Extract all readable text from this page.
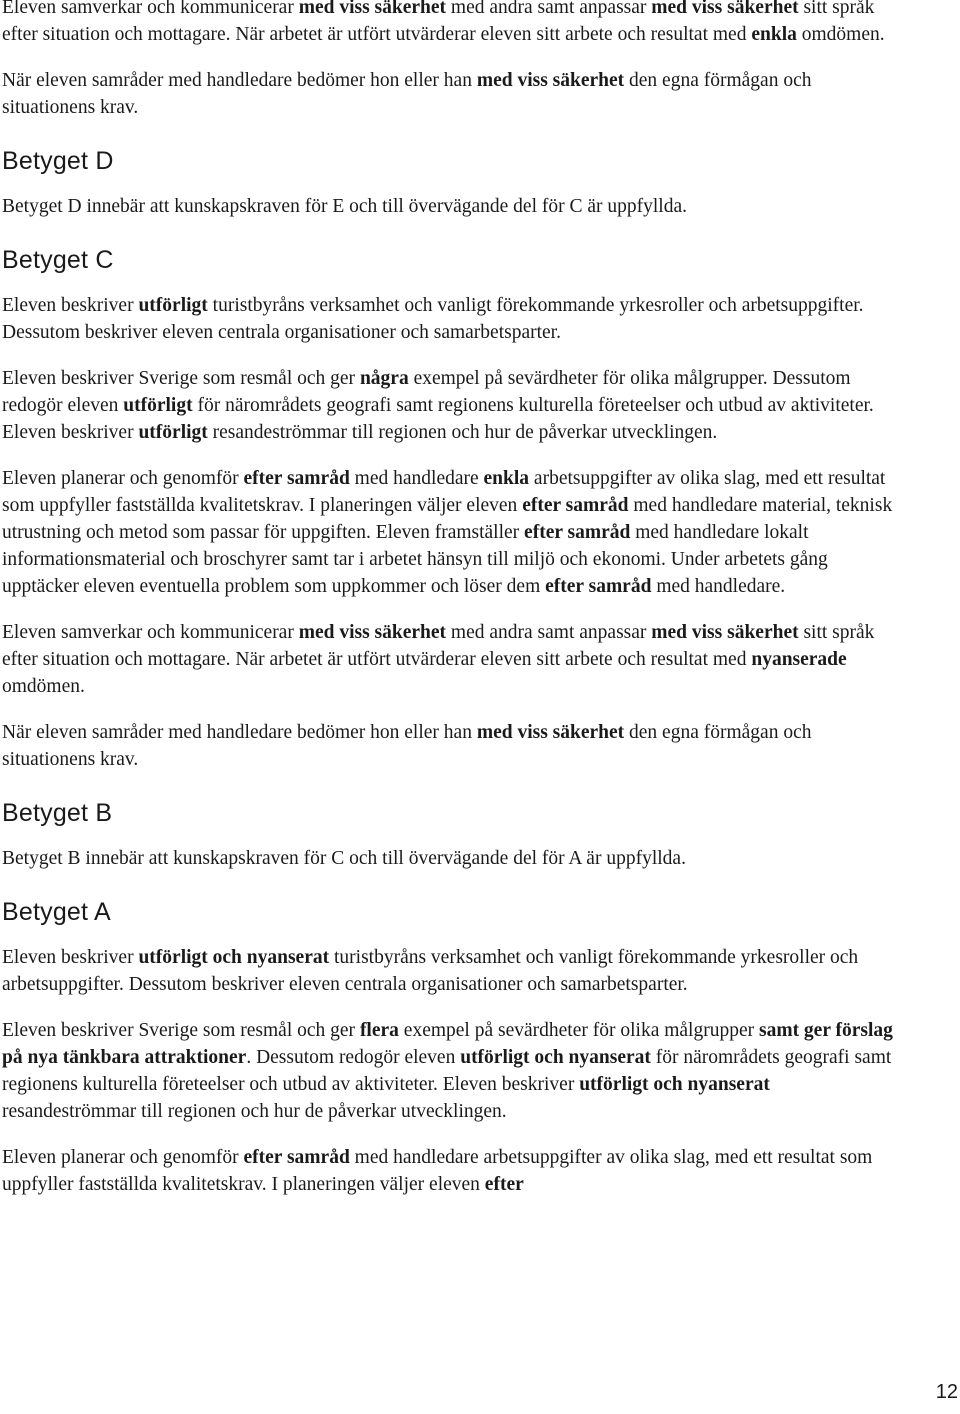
Eleven samverkar och kommunicerar med viss säkerhet med andra samt anpassar med viss säkerhet sitt språk efter situation och mottagare. När arbetet är utfört utvärderar eleven sitt arbete och resultat med enkla omdömen.

När eleven samråder med handledare bedömer hon eller han med viss säkerhet den egna förmågan och situationens krav.

Betyget D

Betyget D innebär att kunskapskraven för E och till övervägande del för C är uppfyllda.

Betyget C

Eleven beskriver utförligt turistbyråns verksamhet och vanligt förekommande yrkesroller och arbetsuppgifter. Dessutom beskriver eleven centrala organisationer och samarbetsparter.

Eleven beskriver Sverige som resmål och ger några exempel på sevärdheter för olika målgrupper. Dessutom redogör eleven utförligt för närområdets geografi samt regionens kulturella företeelser och utbud av aktiviteter. Eleven beskriver utförligt resandeströmmar till regionen och hur de påverkar utvecklingen.

Eleven planerar och genomför efter samråd med handledare enkla arbetsuppgifter av olika slag, med ett resultat som uppfyller fastställda kvalitetskrav. I planeringen väljer eleven efter samråd med handledare material, teknisk utrustning och metod som passar för uppgiften. Eleven framställer efter samråd med handledare lokalt informationsmaterial och broschyrer samt tar i arbetet hänsyn till miljö och ekonomi. Under arbetets gång upptäcker eleven eventuella problem som uppkommer och löser dem efter samråd med handledare.

Eleven samverkar och kommunicerar med viss säkerhet med andra samt anpassar med viss säkerhet sitt språk efter situation och mottagare. När arbetet är utfört utvärderar eleven sitt arbete och resultat med nyanserade omdömen.

När eleven samråder med handledare bedömer hon eller han med viss säkerhet den egna förmågan och situationens krav.

Betyget B

Betyget B innebär att kunskapskraven för C och till övervägande del för A är uppfyllda.

Betyget A

Eleven beskriver utförligt och nyanserat turistbyråns verksamhet och vanligt förekommande yrkesroller och arbetsuppgifter. Dessutom beskriver eleven centrala organisationer och samarbetsparter.

Eleven beskriver Sverige som resmål och ger flera exempel på sevärdheter för olika målgrupper samt ger förslag på nya tänkbara attraktioner. Dessutom redogör eleven utförligt och nyanserat för närområdets geografi samt regionens kulturella företeelser och utbud av aktiviteter. Eleven beskriver utförligt och nyanserat resandeströmmar till regionen och hur de påverkar utvecklingen.

Eleven planerar och genomför efter samråd med handledare arbetsuppgifter av olika slag, med ett resultat som uppfyller fastställda kvalitetskrav. I planeringen väljer eleven efter

12
